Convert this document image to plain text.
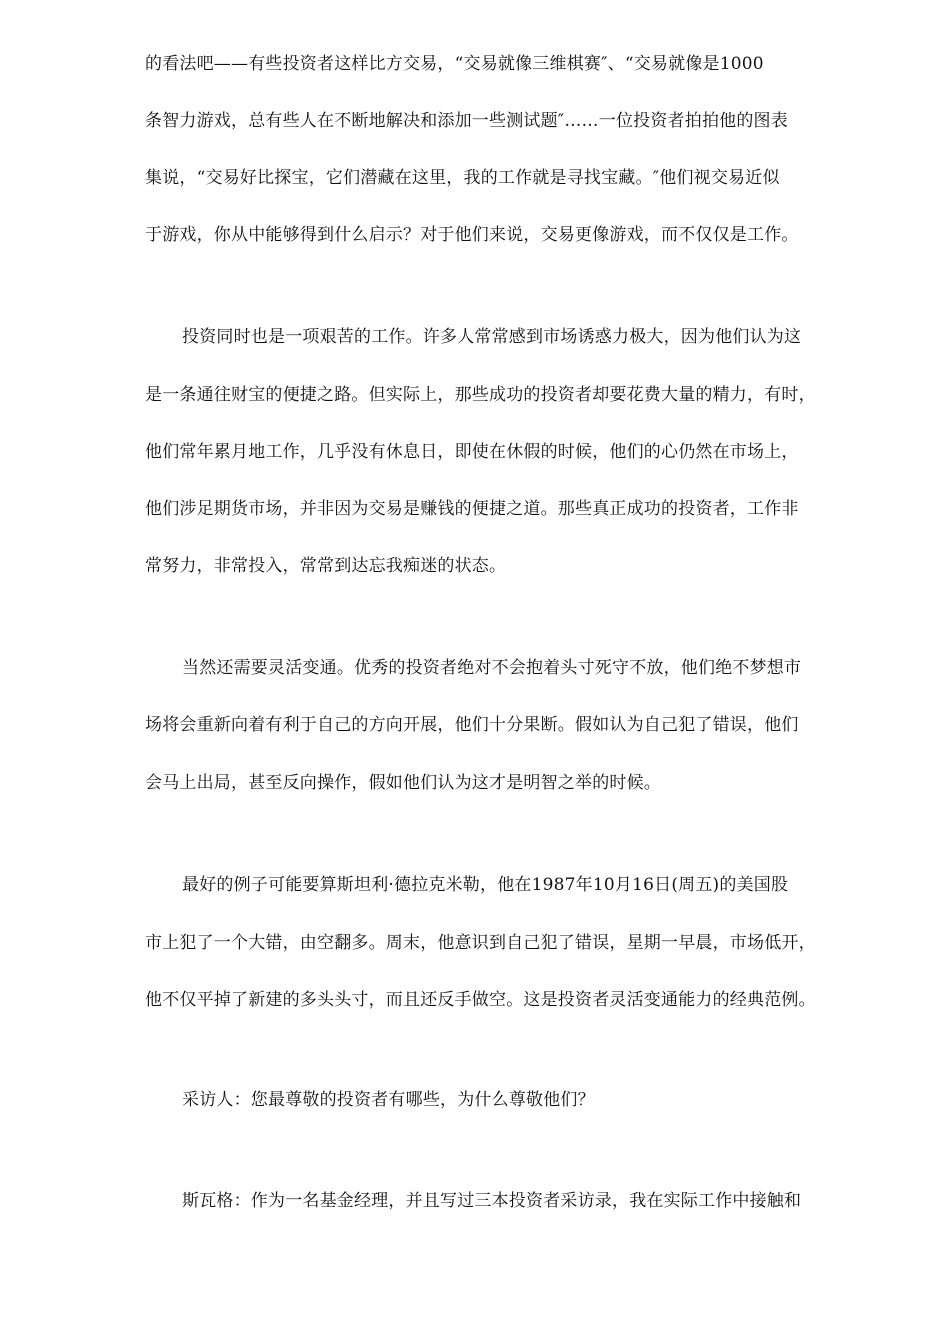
的看法吧——有些投资者这样比方交易，“交易就像三维棋赛″、“交易就像是1000
条智力游戏，总有些人在不断地解决和添加一些测试题″……一位投资者拍拍他的图表
集说，“交易好比探宝，它们潜藏在这里，我的工作就是寻找宝藏。″他们视交易近似
于游戏，你从中能够得到什么启示？对于他们来说，交易更像游戏，而不仅仅是工作。
投资同时也是一项艰苦的工作。许多人常常感到市场诱惑力极大，因为他们认为这
是一条通往财宝的便捷之路。但实际上，那些成功的投资者却要花费大量的精力，有时，
他们常年累月地工作，几乎没有休息日，即使在休假的时候，他们的心仍然在市场上，
他们涉足期货市场，并非因为交易是赚钱的便捷之道。那些真正成功的投资者，工作非
常努力，非常投入，常常到达忘我痴迷的状态。
当然还需要灵活变通。优秀的投资者绝对不会抱着头寸死守不放，他们绝不梦想市
场将会重新向着有利于自己的方向开展，他们十分果断。假如认为自己犯了错误，他们
会马上出局，甚至反向操作，假如他们认为这才是明智之举的时候。
最好的例子可能要算斯坦利·德拉克米勒，他在1987年10月16日(周五)的美国股
市上犯了一个大错，由空翻多。周末，他意识到自己犯了错误，星期一早晨，市场低开，
他不仅平掉了新建的多头头寸，而且还反手做空。这是投资者灵活变通能力的经典范例。
采访人：您最尊敬的投资者有哪些，为什么尊敬他们？
斯瓦格：作为一名基金经理，并且写过三本投资者采访录，我在实际工作中接触和
